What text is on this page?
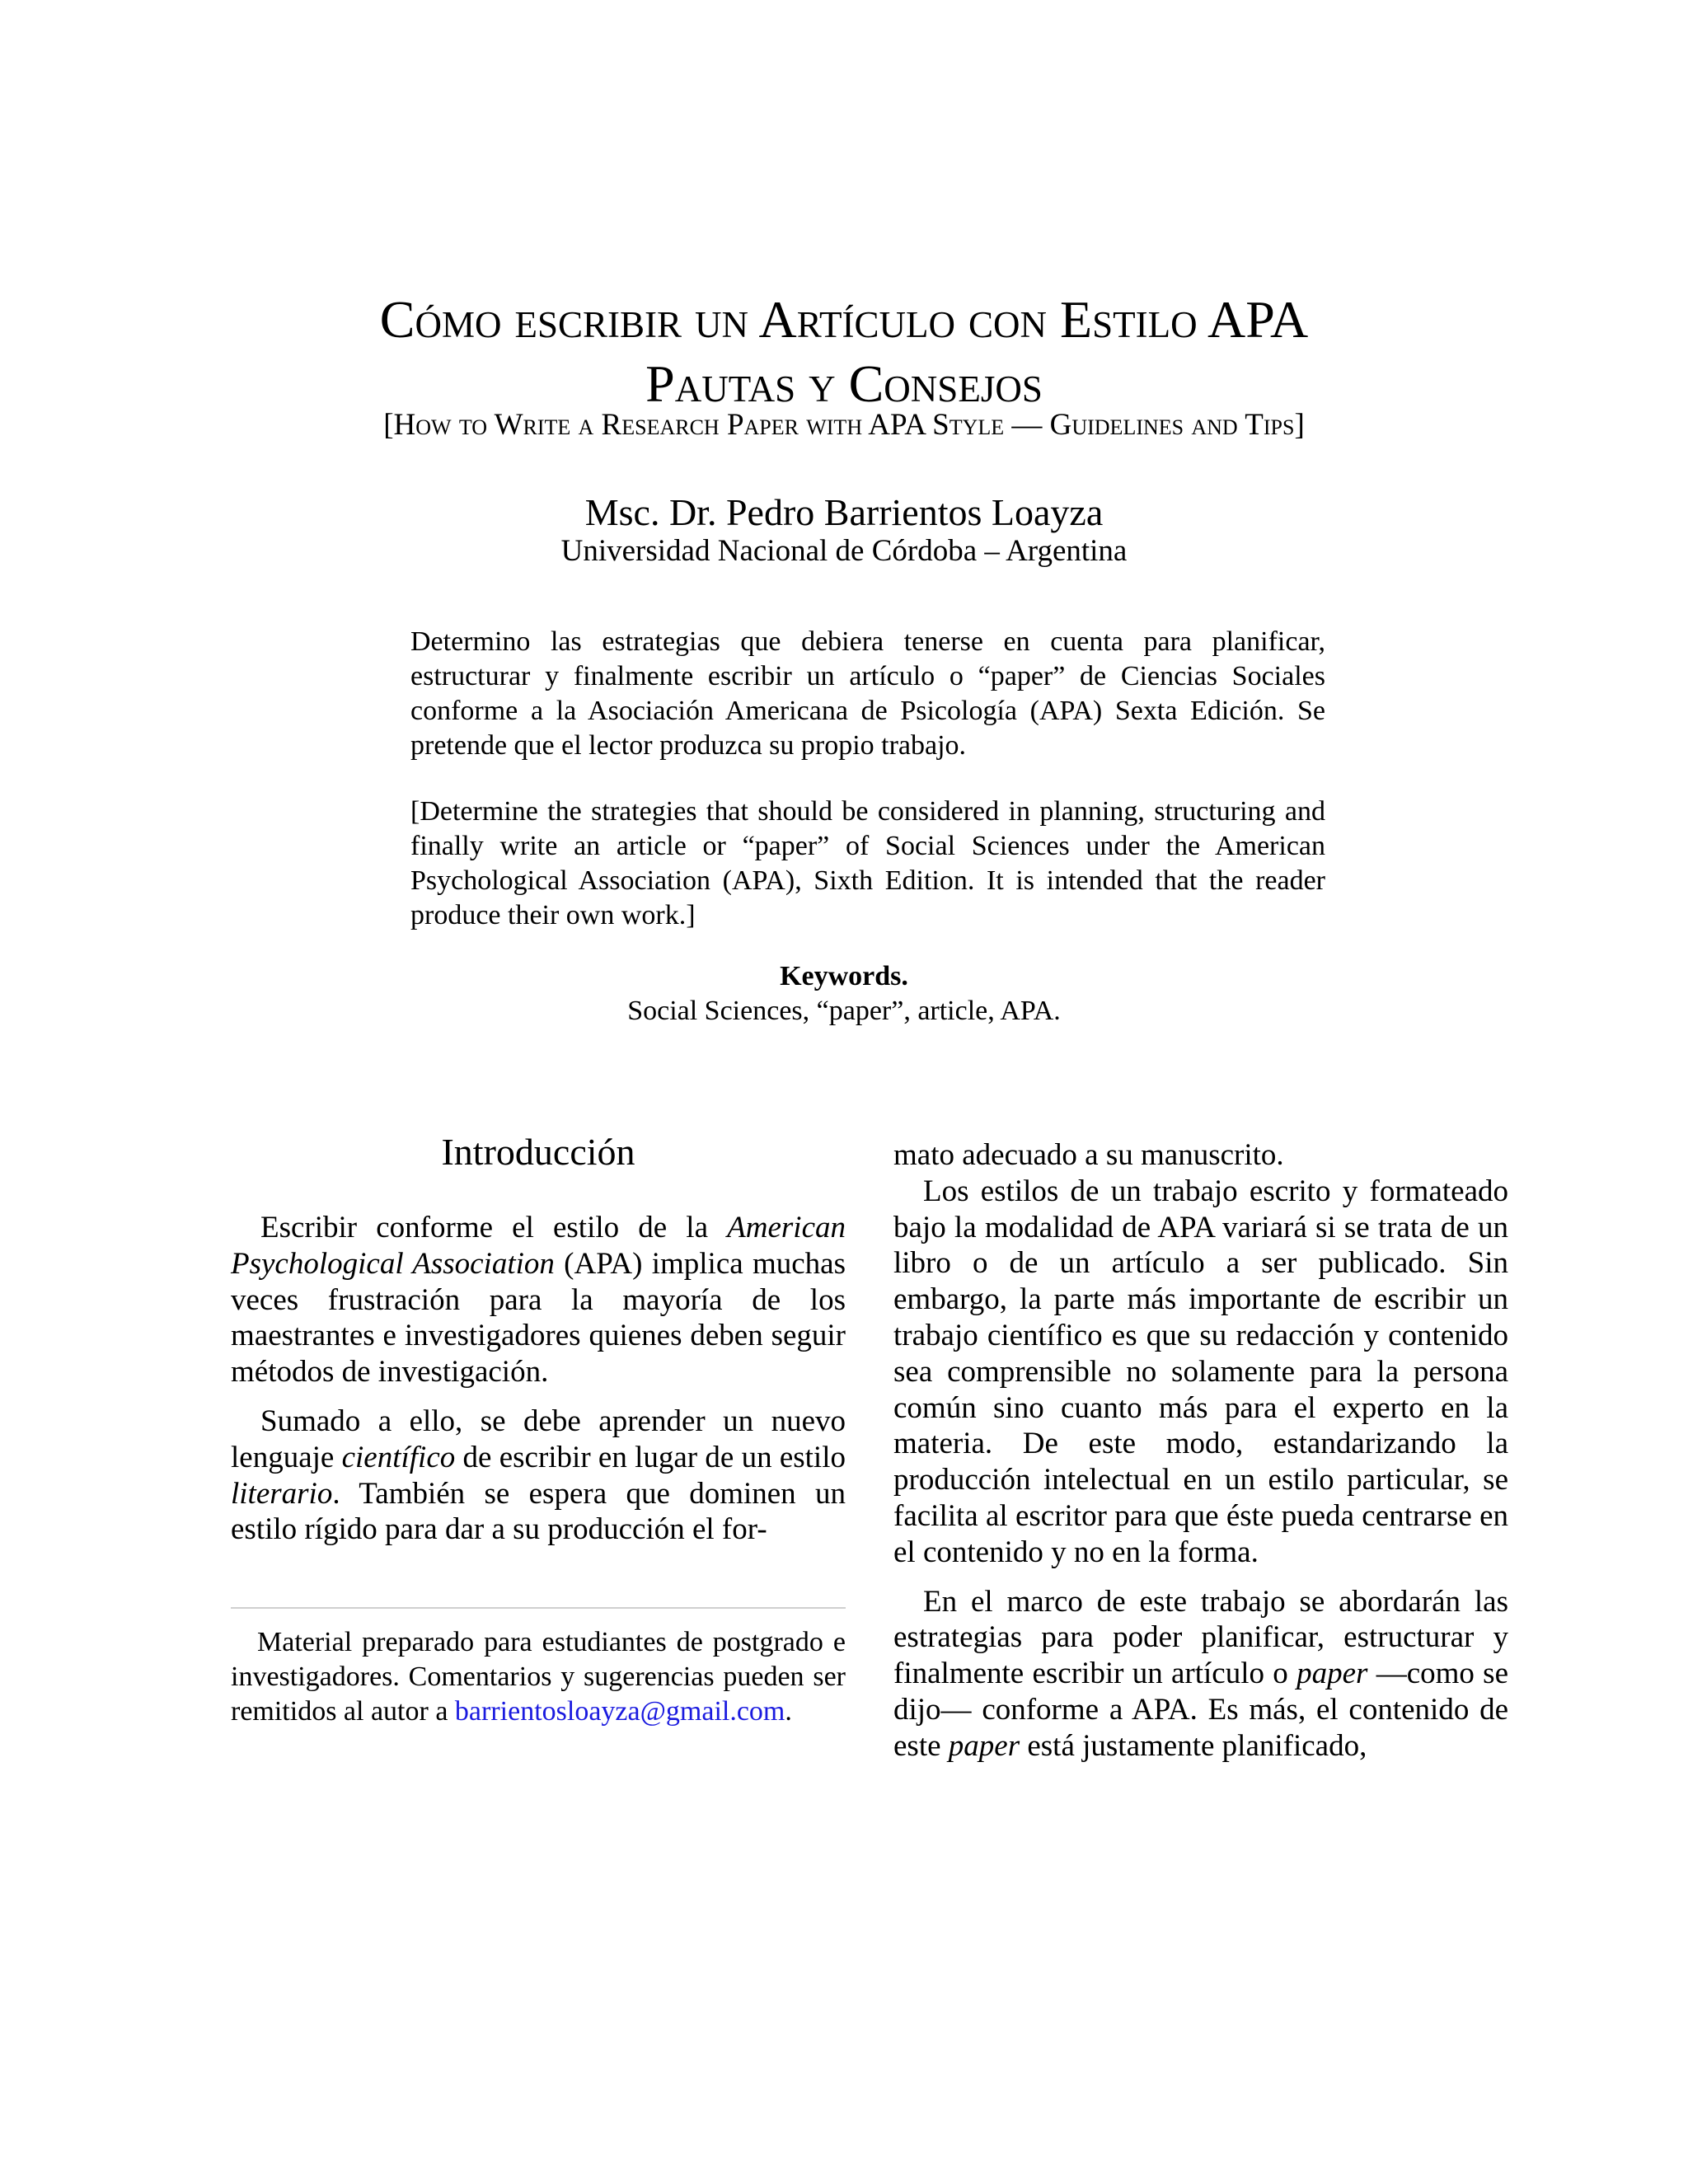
Cómo escribir un Artículo con Estilo APA
Pautas y Consejos
[How to Write a Research Paper with APA Style — Guidelines and Tips]
Msc. Dr. Pedro Barrientos Loayza
Universidad Nacional de Córdoba – Argentina
Determino las estrategias que debiera tenerse en cuenta para planificar, estructurar y finalmente escribir un artículo o “paper” de Ciencias Sociales conforme a la Asociación Americana de Psicología (APA) Sexta Edición. Se pretende que el lector produzca su propio trabajo.
[Determine the strategies that should be considered in planning, structuring and finally write an article or “paper” of Social Sciences under the American Psychological Association (APA), Sixth Edition. It is intended that the reader produce their own work.]
Keywords.
Social Sciences, “paper”, article, APA.
Introducción

Escribir conforme el estilo de la American Psychological Association (APA) implica muchas veces frustración para la mayoría de los maestrantes e investigadores quienes deben seguir métodos de investigación.

Sumado a ello, se debe aprender un nuevo lenguaje científico de escribir en lugar de un estilo literario. También se espera que dominen un estilo rígido para dar a su producción el for-

Material preparado para estudiantes de postgrado e investigadores. Comentarios y sugerencias pueden ser remitidos al autor a barrientosloayza@gmail.com.

mato adecuado a su manuscrito.

Los estilos de un trabajo escrito y formateado bajo la modalidad de APA variará si se trata de un libro o de un artículo a ser publicado. Sin embargo, la parte más importante de escribir un trabajo científico es que su redacción y contenido sea comprensible no solamente para la persona común sino cuanto más para el experto en la materia. De este modo, estandarizando la producción intelectual en un estilo particular, se facilita al escritor para que éste pueda centrarse en el contenido y no en la forma.

En el marco de este trabajo se abordarán las estrategias para poder planificar, estructurar y finalmente escribir un artículo o paper —como se dijo— conforme a APA. Es más, el contenido de este paper está justamente planificado,
